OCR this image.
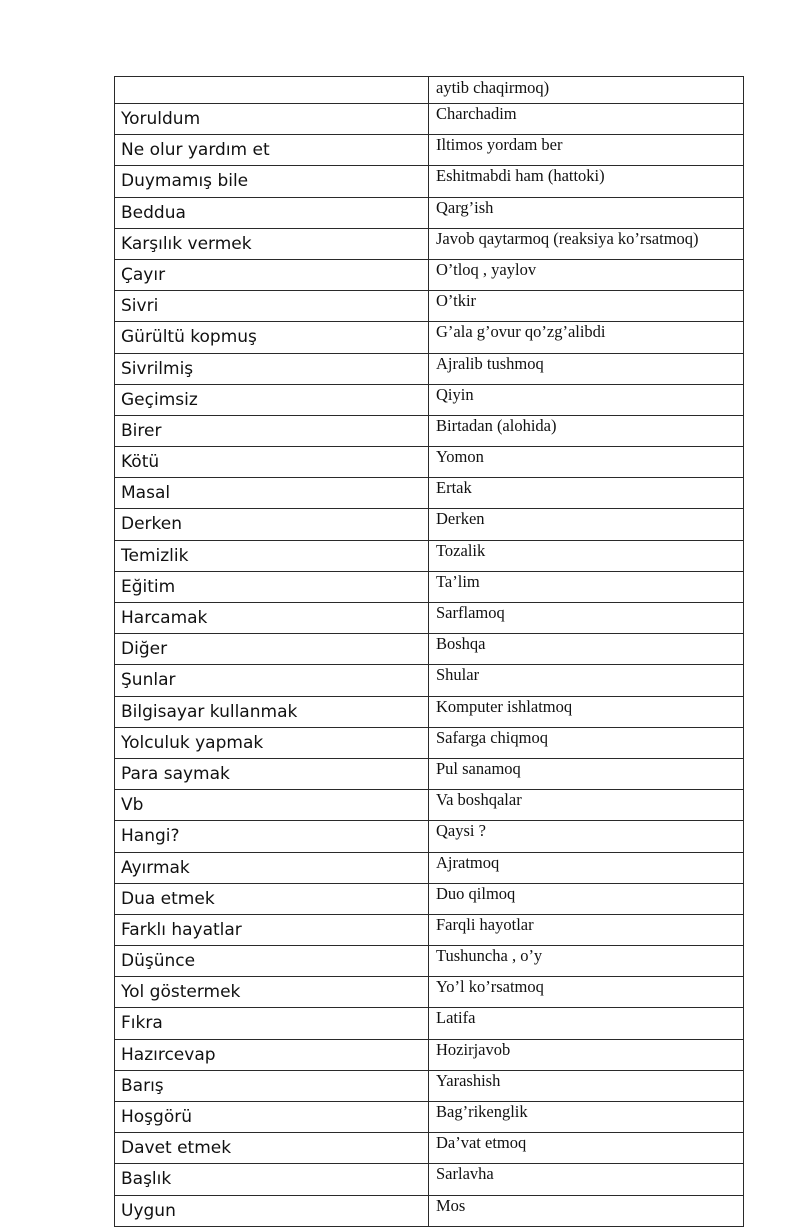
	aytib chaqirmoq)
Yoruldum	Charchadim
Ne olur yardım et	Iltimos yordam ber
Duymamış bile	Eshitmabdi ham (hattoki)
Beddua	Qarg’ish
Karşılık vermek	Javob qaytarmoq (reaksiya ko’rsatmoq)
Çayır	O’tloq , yaylov
Sivri	O’tkir
Gürültü kopmuş	G’ala g’ovur qo’zg’alibdi
Sivrilmiş	Ajralib tushmoq
Geçimsiz	Qiyin
Birer	Birtadan (alohida)
Kötü	Yomon
Masal	Ertak
Derken	Derken
Temizlik	Tozalik
Eğitim	Ta’lim
Harcamak	Sarflamoq
Diğer	Boshqa
Şunlar	Shular
Bilgisayar kullanmak	Komputer ishlatmoq
Yolculuk yapmak	Safarga chiqmoq
Para saymak	Pul sanamoq
Vb	Va boshqalar
Hangi?	Qaysi ?
Ayırmak	Ajratmoq
Dua etmek	Duo qilmoq
Farklı hayatlar	Farqli hayotlar
Düşünce	Tushuncha , o’y
Yol göstermek	Yo’l ko’rsatmoq
Fıkra	Latifa
Hazırcevap	Hozirjavob
Barış	Yarashish
Hoşgörü	Bag’rikenglik
Davet etmek	Da’vat etmoq
Başlık	Sarlavha
Uygun	Mos
